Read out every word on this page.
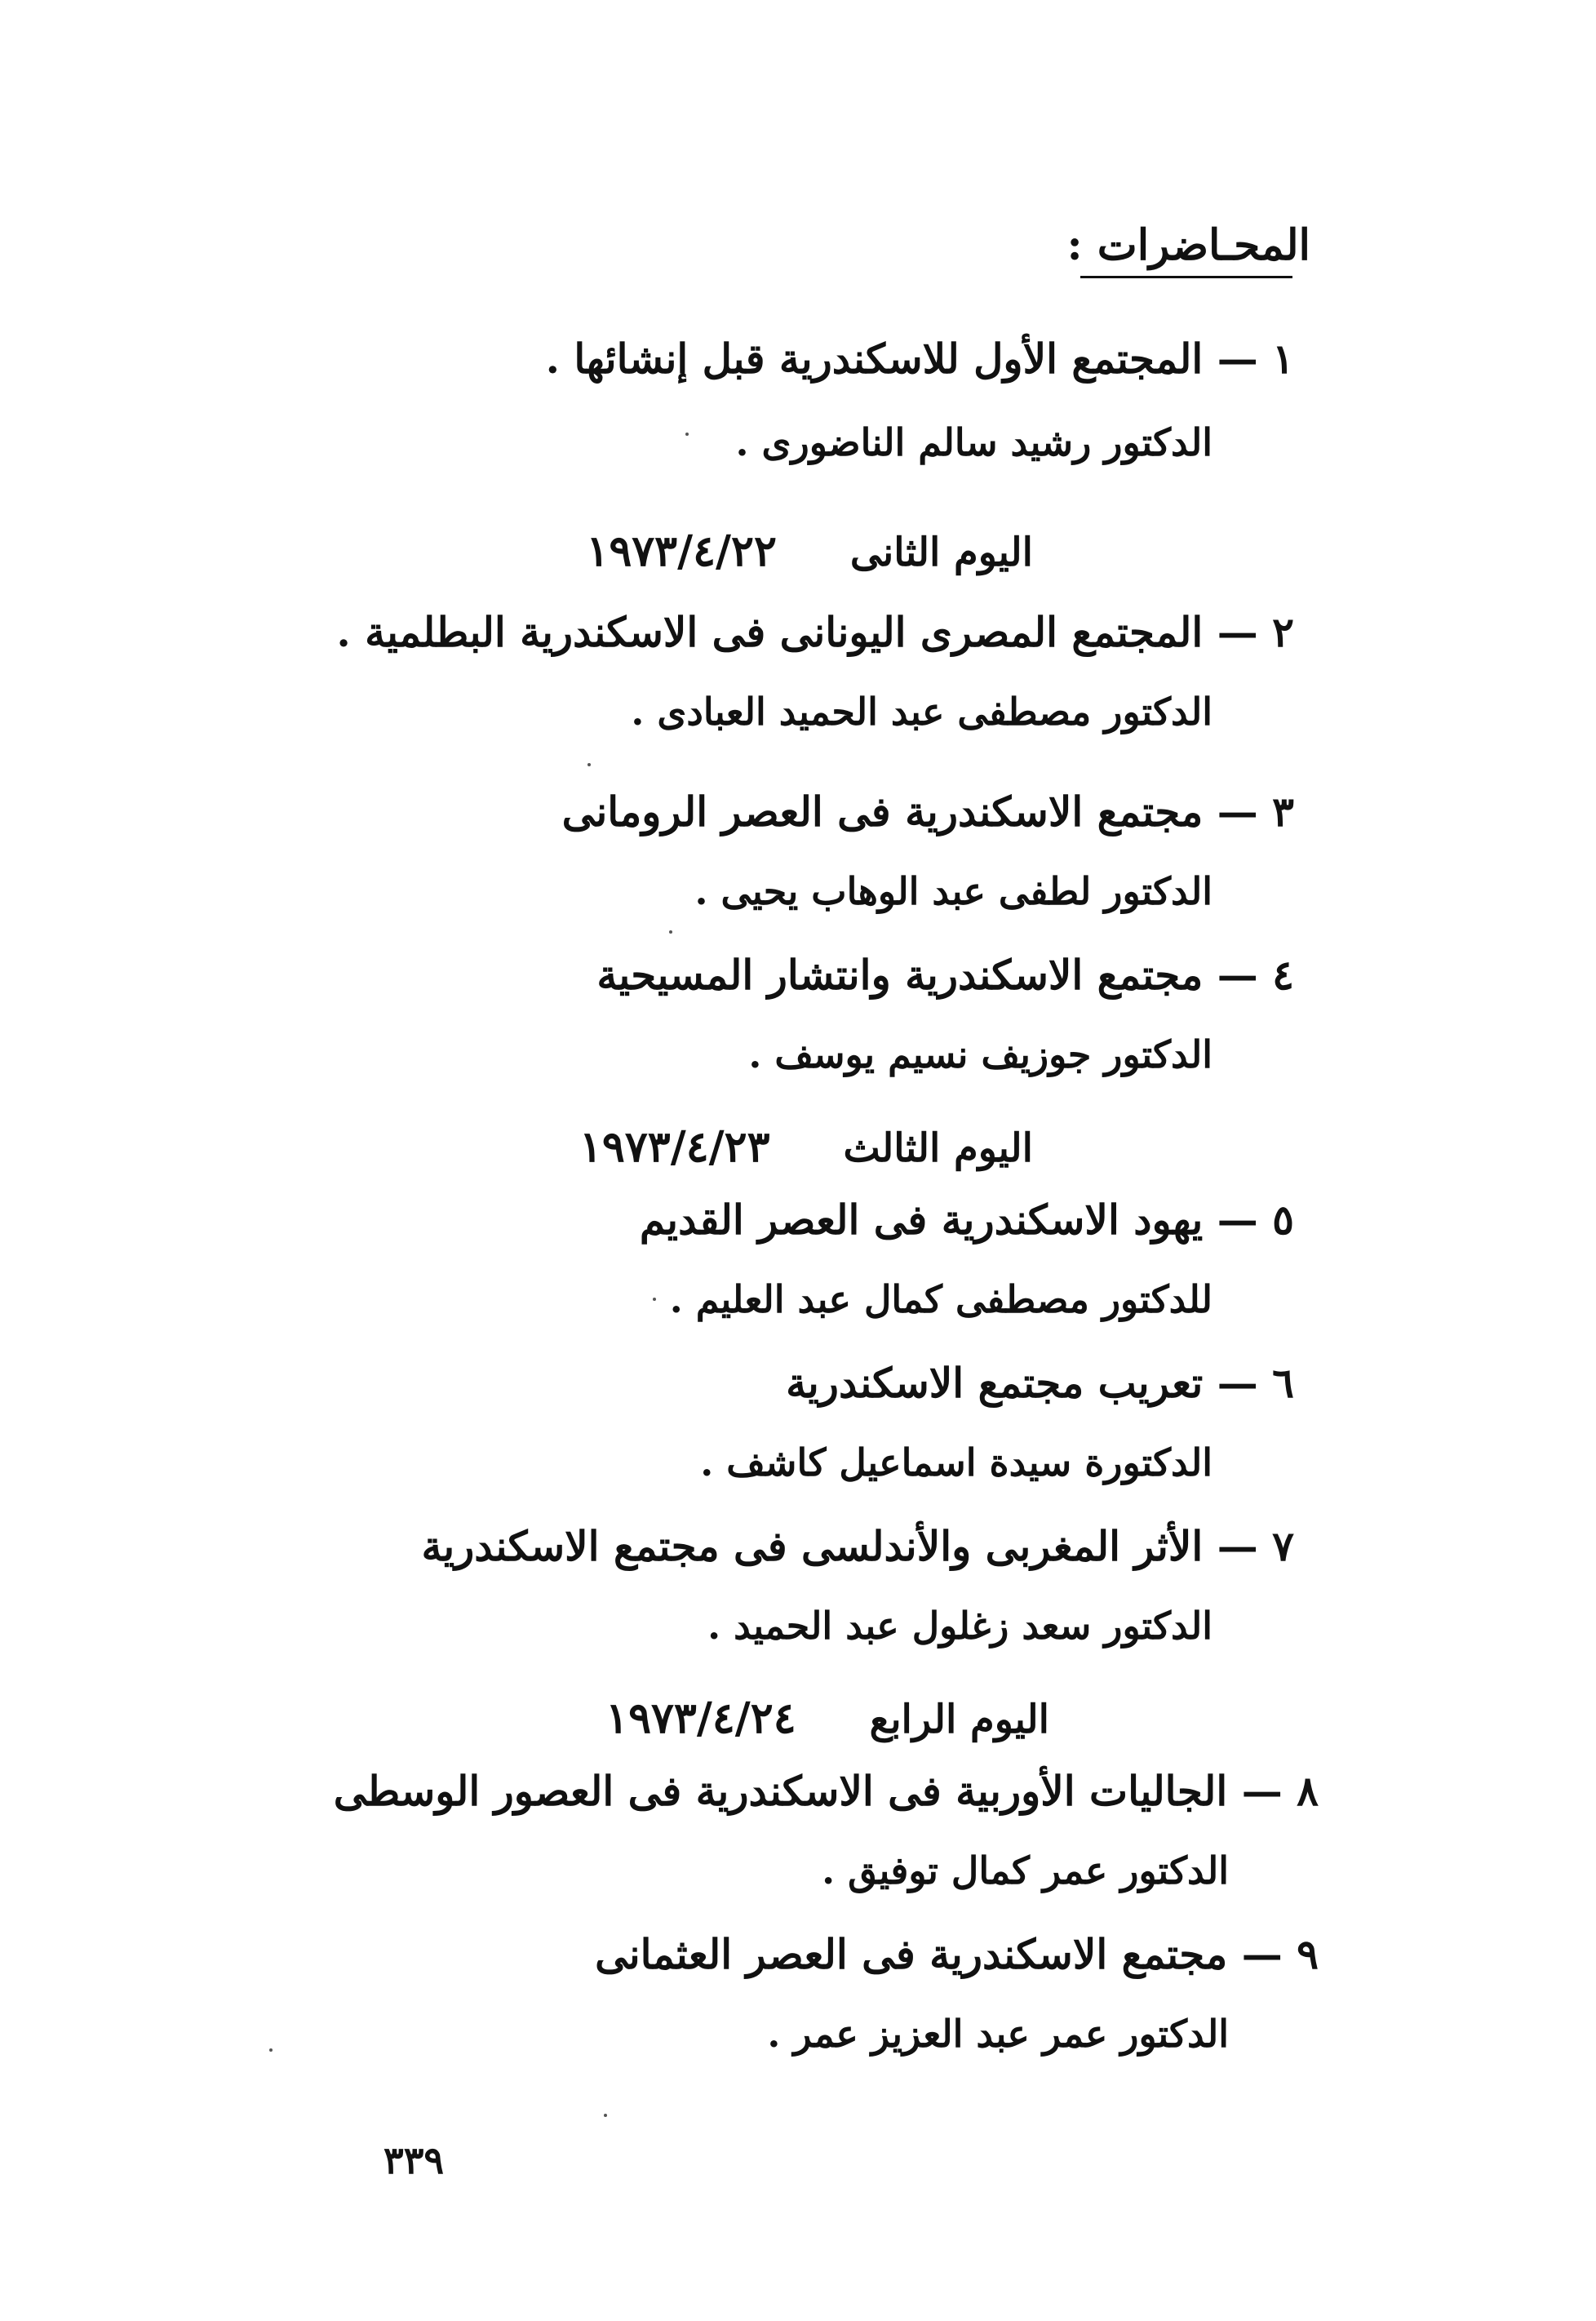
المحـاضرات :
١ — المجتمع الأول للاسكندرية قبل إنشائها .
الدكتور رشيد سالم الناضورى .
اليوم الثانى١٩٧٣/٤/٢٢
٢ — المجتمع المصرى اليونانى فى الاسكندرية البطلمية .
الدكتور مصطفى عبد الحميد العبادى .
٣ — مجتمع الاسكندرية فى العصر الرومانى
الدكتور لطفى عبد الوهاب يحيى .
٤ — مجتمع الاسكندرية وانتشار المسيحية
الدكتور جوزيف نسيم يوسف .
اليوم الثالث١٩٧٣/٤/٢٣
٥ — يهود الاسكندرية فى العصر القديم
للدكتور مصطفى كمال عبد العليم .
٦ — تعريب مجتمع الاسكندرية
الدكتورة سيدة اسماعيل كاشف .
٧ — الأثر المغربى والأندلسى فى مجتمع الاسكندرية
الدكتور سعد زغلول عبد الحميد .
اليوم الرابع١٩٧٣/٤/٢٤
٨ — الجاليات الأوربية فى الاسكندرية فى العصور الوسطى
الدكتور عمر كمال توفيق .
٩ — مجتمع الاسكندرية فى العصر العثمانى
الدكتور عمر عبد العزيز عمر .
٣٣٩
